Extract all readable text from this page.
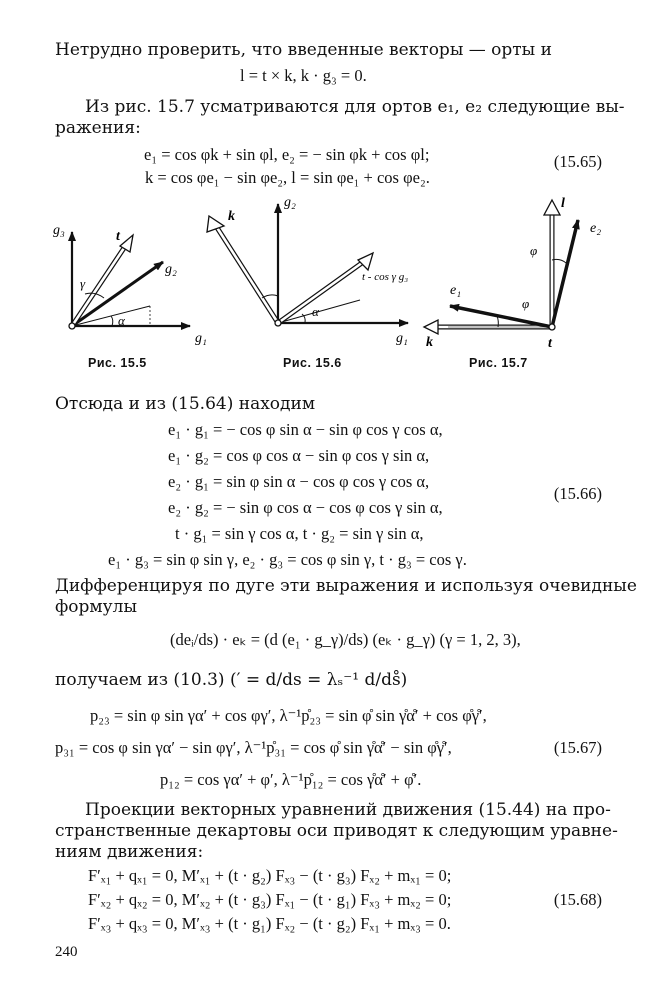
Нетрудно проверить, что введенные векторы — орты и
l = t × k, k · g₃ = 0.
Из рис. 15.7 усматриваются для ортов e₁, e₂ следующие вы-
ражения:
e₁ = cos φk + sin φl, e₂ = − sin φk + cos φl;
k = cos φe₁ − sin φe₂, l = sin φe₁ + cos φe₂.
(15.65)
g₃	t
g₂
g₁
γ
α
k
g₂
t - cos γ g₃
g₁
α
l
e₂
φ
e₁
φ
k	t
Рис. 15.5	Рис. 15.6	Рис. 15.7
Отсюда и из (15.64) находим
e₁ · g₁ = − cos φ sin α − sin φ cos γ cos α,
e₁ · g₂ = cos φ cos α − sin φ cos γ sin α,
e₂ · g₁ = sin φ sin α − cos φ cos γ cos α,
e₂ · g₂ = − sin φ cos α − cos φ cos γ sin α,
t · g₁ = sin γ cos α, t · g₂ = sin γ sin α,
e₁ · g₃ = sin φ sin γ, e₂ · g₃ = cos φ sin γ, t · g₃ = cos γ.
(15.66)
Дифференцируя по дуге эти выражения и используя очевидные
формулы
(deᵢ/ds) · eₖ = (d (e₁ · g_γ)/ds) (eₖ · g_γ) (γ = 1, 2, 3),
получаем из (10.3) (′ = d/ds = λₛ⁻¹ d/ds̊)
p₂₃ = sin φ sin γα′ + cos φγ′, λ⁻¹p̊₂₃ = sin φ̊ sin γ̊α̊′ + cos φ̊γ̊′,
p₃₁ = cos φ sin γα′ − sin φγ′, λ⁻¹p̊₃₁ = cos φ̊ sin γ̊α̊′ − sin φ̊γ̊′,
p₁₂ = cos γα′ + φ′, λ⁻¹p̊₁₂ = cos γ̊α̊′ + φ̊′.
(15.67)
Проекции векторных уравнений движения (15.44) на про-
странственные декартовы оси приводят к следующим уравне-
ниям движения:
F′ₓ₁ + qₓ₁ = 0, M′ₓ₁ + (t · g₂) Fₓ₃ − (t · g₃) Fₓ₂ + mₓ₁ = 0;
F′ₓ₂ + qₓ₂ = 0, M′ₓ₂ + (t · g₃) Fₓ₁ − (t · g₁) Fₓ₃ + mₓ₂ = 0;
F′ₓ₃ + qₓ₃ = 0, M′ₓ₃ + (t · g₁) Fₓ₂ − (t · g₂) Fₓ₁ + mₓ₃ = 0.
(15.68)
240
